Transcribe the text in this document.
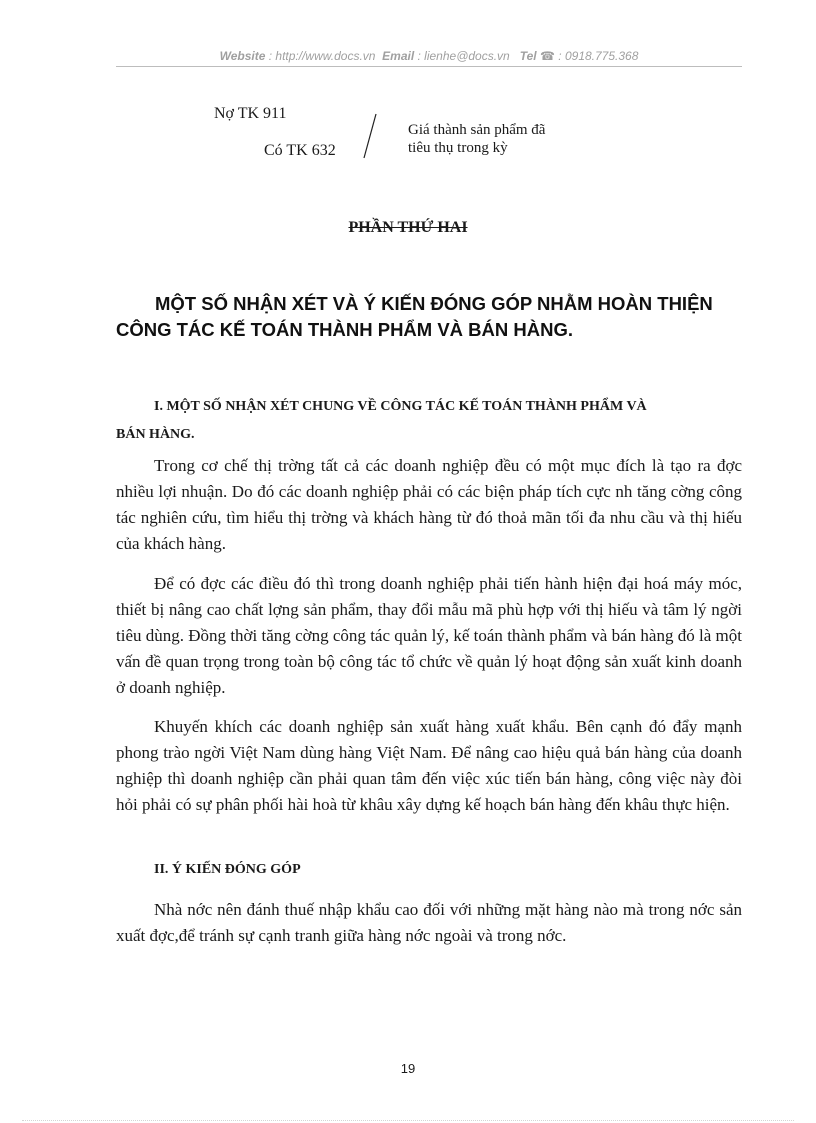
Website : http://www.docs.vn Email : lienhe@docs.vn Tel ☎ : 0918.775.368
Nợ TK 911
Có TK 632
Giá thành sản phẩm đã
tiêu thụ trong kỳ
PHẦN THỨ HAI
MỘT SỐ NHẬN XÉT VÀ Ý KIẾN ĐÓNG GÓP NHẰM HOÀN THIỆN
CÔNG TÁC KẾ TOÁN THÀNH PHẨM VÀ BÁN HÀNG.
I. MỘT SỐ NHẬN XÉT CHUNG VỀ CÔNG TÁC KẾ TOÁN THÀNH PHẨM VÀ
BÁN HÀNG.

Trong cơ chế thị trờng tất cả các doanh nghiệp đều có một mục đích là tạo ra đợc nhiều lợi nhuận. Do đó các doanh nghiệp phải có các biện pháp tích cực nh tăng cờng công tác nghiên cứu, tìm hiểu thị trờng và khách hàng từ đó thoả mãn tối đa nhu cầu và thị hiếu của khách hàng.

Để có đợc các điều đó thì trong doanh nghiệp phải tiến hành hiện đại hoá máy móc, thiết bị nâng cao chất lợng sản phẩm, thay đổi mẫu mã phù hợp với thị hiếu và tâm lý ngời tiêu dùng. Đồng thời tăng cờng công tác quản lý, kế toán thành phẩm và bán hàng đó là một vấn đề quan trọng trong toàn bộ công tác tổ chức về quản lý hoạt động sản xuất kinh doanh ở doanh nghiệp.

Khuyến khích các doanh nghiệp sản xuất hàng xuất khẩu. Bên cạnh đó đẩy mạnh phong trào ngời Việt Nam dùng hàng Việt Nam. Để nâng cao hiệu quả bán hàng của doanh nghiệp thì doanh nghiệp cần phải quan tâm đến việc xúc tiến bán hàng, công việc này đòi hỏi phải có sự phân phối hài hoà từ khâu xây dựng kế hoạch bán hàng đến khâu thực hiện.

II. Ý KIẾN ĐÓNG GÓP

Nhà nớc nên đánh thuế nhập khẩu cao đối với những mặt hàng nào mà trong nớc sản xuất đợc,để tránh sự cạnh tranh giữa hàng nớc ngoài và trong nớc.

19
